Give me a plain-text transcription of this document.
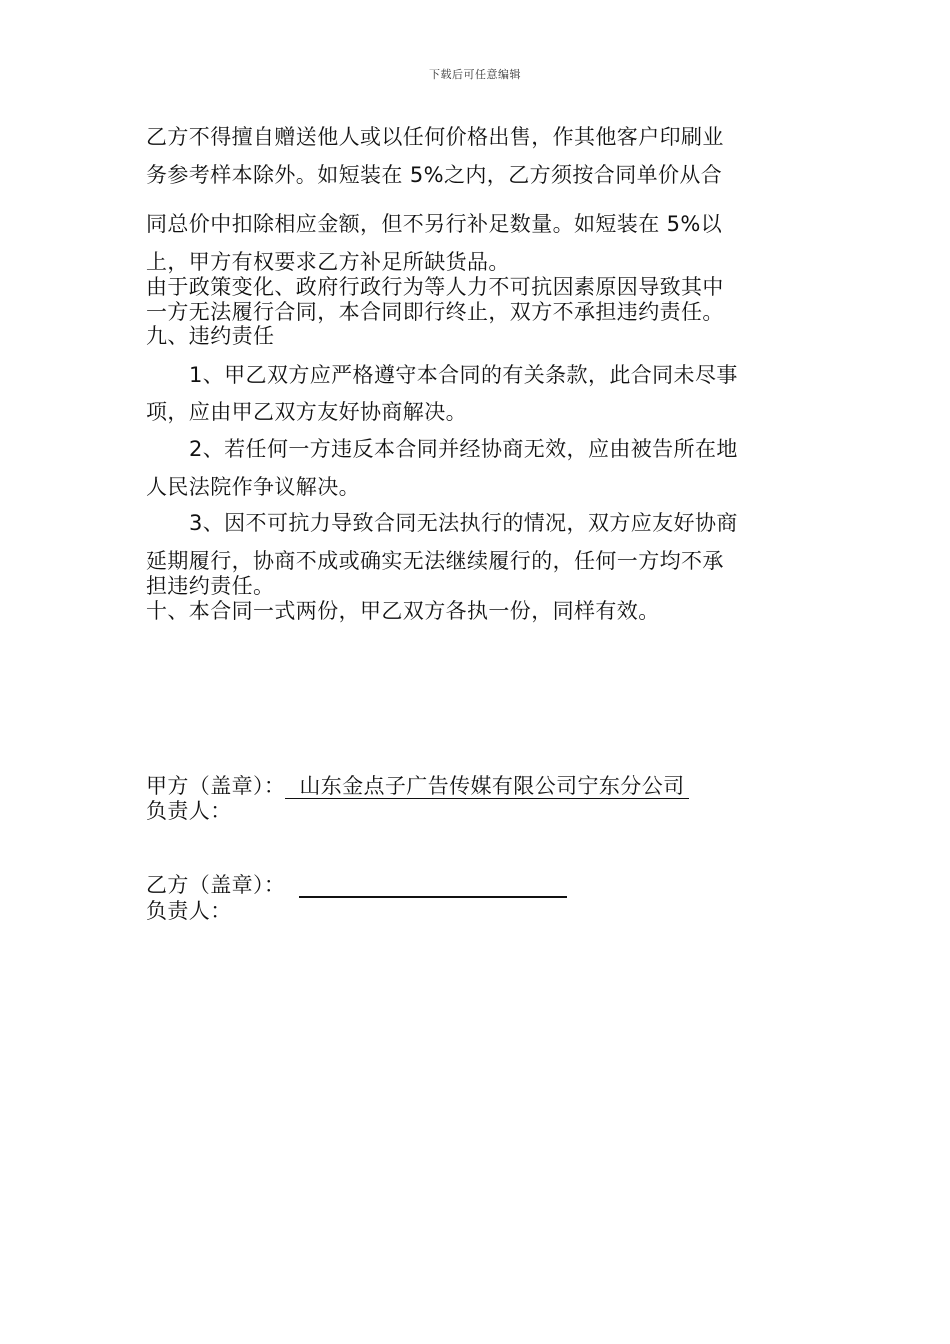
下载后可任意编辑
乙方不得擅自赠送他人或以任何价格出售，作其他客户印刷业
务参考样本除外。如短装在 5%之内，乙方须按合同单价从合
同总价中扣除相应金额，但不另行补足数量。如短装在 5%以
上，甲方有权要求乙方补足所缺货品。
由于政策变化、政府行政行为等人力不可抗因素原因导致其中
一方无法履行合同，本合同即行终止，双方不承担违约责任。
九、违约责任
1、甲乙双方应严格遵守本合同的有关条款，此合同未尽事
项，应由甲乙双方友好协商解决。
2、若任何一方违反本合同并经协商无效，应由被告所在地
人民法院作争议解决。
3、因不可抗力导致合同无法执行的情况，双方应友好协商
延期履行，协商不成或确实无法继续履行的，任何一方均不承
担违约责任。
十、本合同一式两份，甲乙双方各执一份，同样有效。
甲方（盖章）： 山东金点子广告传媒有限公司宁东分公司
负责人：
乙方（盖章）：
负责人：
